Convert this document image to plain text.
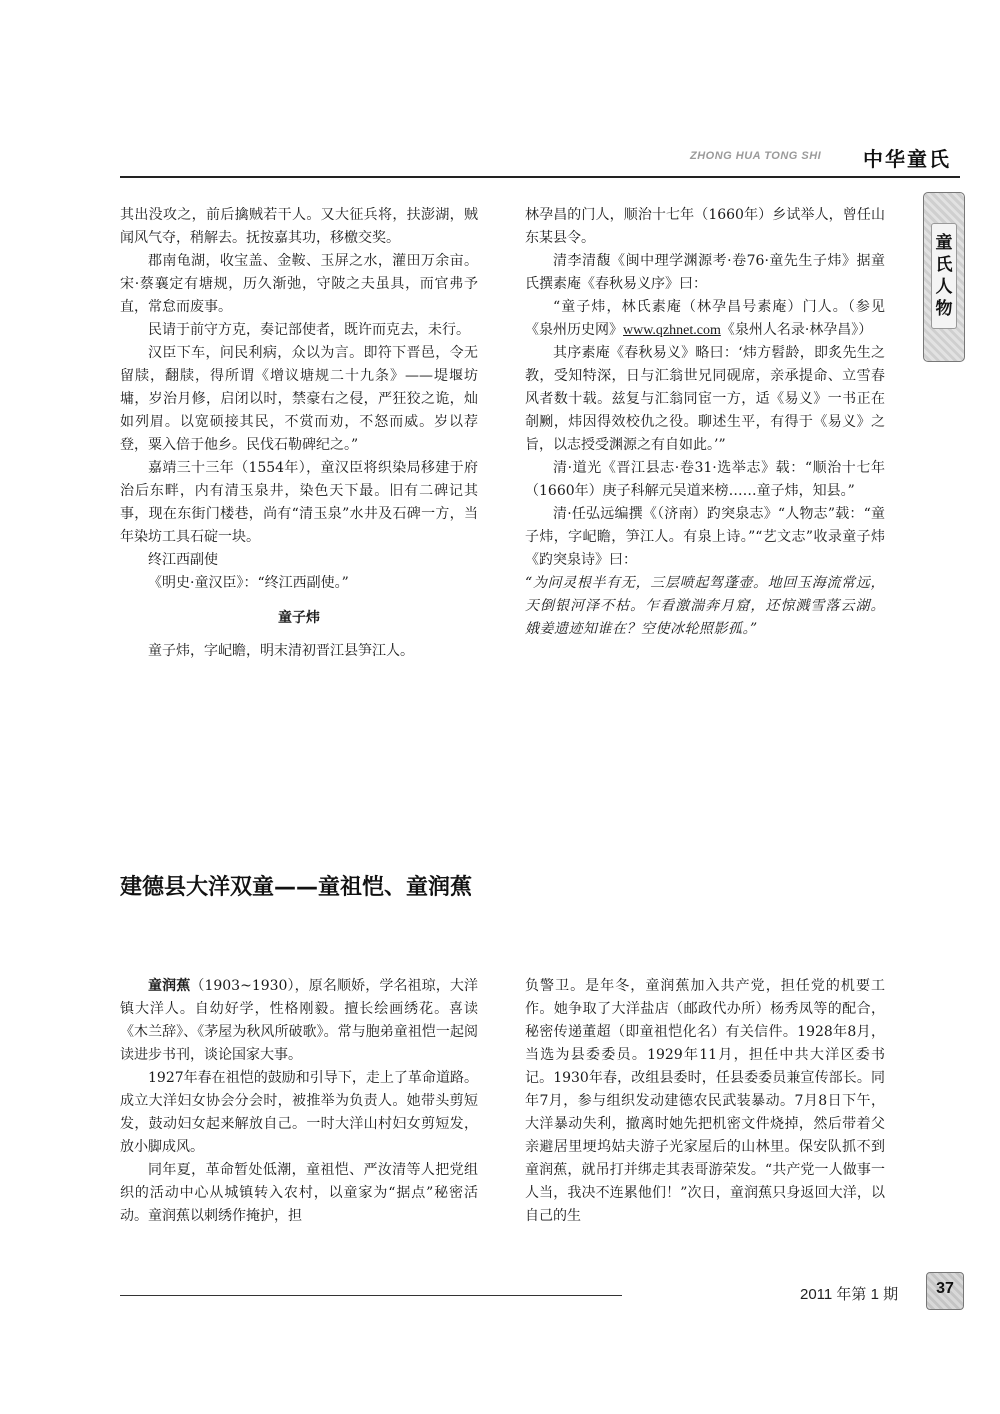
ZHONG HUA TONG SHI	中华童氏
童氏人物

其出没攻之，前后擒贼若干人。又大征兵将，扶澎湖，贼闻风气夺，稍解去。抚按嘉其功，移檄交奖。

郡南龟湖，收宝盖、金鞍、玉屏之水，灌田万余亩。宋·蔡襄定有塘规，历久渐弛，守陂之夫虽具，而官弗予直，常怠而废事。

民请于前守方克，奏记部使者，既许而克去，未行。

汉臣下车，问民利病，众以为言。即符下晋邑，令无留牍，翻牍，得所谓《增议塘规二十九条》——堤堰坊墉，岁治月修，启闭以时，禁豪右之侵，严狂狡之诡，灿如列眉。以宽硕接其民，不赏而劝，不怒而威。岁以荐登，粟入倍于他乡。民伐石勒碑纪之。”

嘉靖三十三年（1554年），童汉臣将织染局移建于府治后东畔，内有清玉泉井，染色天下最。旧有二碑记其事，现在东街门楼巷，尚有“清玉泉”水井及石碑一方，当年染坊工具石碇一块。

终江西副使

《明史·童汉臣》：“终江西副使。”

童子炜

童子炜，字屺瞻，明末清初晋江县笋江人。

林孕昌的门人，顺治十七年（1660年）乡试举人，曾任山东某县令。

清李清馥《闽中理学渊源考·卷76·童先生子炜》据童氏撰素庵《春秋易义序》曰：

“童子炜，林氏素庵（林孕昌号素庵）门人。（参见《泉州历史网》www.qzhnet.com《泉州人名录·林孕昌》）

其序素庵《春秋易义》略曰：‘炜方髫龄，即炙先生之教，受知特深，日与汇翁世兄同砚席，亲承提命、立雪春风者数十载。兹复与汇翁同宦一方，适《易义》一书正在剞劂，炜因得效校仇之役。聊述生平，有得于《易义》之旨，以志授受渊源之有自如此。’”

清·道光《晋江县志·卷31·选举志》载：“顺治十七年（1660年）庚子科解元吴道来榜……童子炜，知县。”

清·任弘远编撰《（济南）趵突泉志》“人物志”载：“童子炜，字屺瞻，笋江人。有泉上诗。”“艺文志”收录童子炜《趵突泉诗》曰：

“为问灵根半有无，三层喷起驾蓬壶。地回玉海流常远，天倒银河泽不枯。乍看激湍奔月窟，还惊溅雪落云湖。娥姜遗迹知谁在？空使冰轮照影孤。”

建德县大洋双童——童祖恺、童润蕉

童润蕉（1903~1930），原名顺娇，学名祖琼，大洋镇大洋人。自幼好学，性格刚毅。擅长绘画绣花。喜读《木兰辞》、《茅屋为秋风所破歌》。常与胞弟童祖恺一起阅读进步书刊，谈论国家大事。

1927年春在祖恺的鼓励和引导下，走上了革命道路。成立大洋妇女协会分会时，被推举为负责人。她带头剪短发，鼓动妇女起来解放自己。一时大洋山村妇女剪短发，放小脚成风。

同年夏，革命暂处低潮，童祖恺、严汝清等人把党组织的活动中心从城镇转入农村，以童家为“据点”秘密活动。童润蕉以刺绣作掩护，担

负警卫。是年冬，童润蕉加入共产党，担任党的机要工作。她争取了大洋盐店（邮政代办所）杨秀凤等的配合，秘密传递董超（即童祖恺化名）有关信件。1928年8月，当选为县委委员。1929年11月，担任中共大洋区委书记。1930年春，改组县委时，任县委委员兼宣传部长。同年7月，参与组织发动建德农民武装暴动。7月8日下午，大洋暴动失利，撤离时她先把机密文件烧掉，然后带着父亲避居里埂坞姑夫游子光家屋后的山林里。保安队抓不到童润蕉，就吊打并绑走其表哥游荣发。“共产党一人做事一人当，我决不连累他们！”次日，童润蕉只身返回大洋，以自己的生

2011 年第 1 期	37
